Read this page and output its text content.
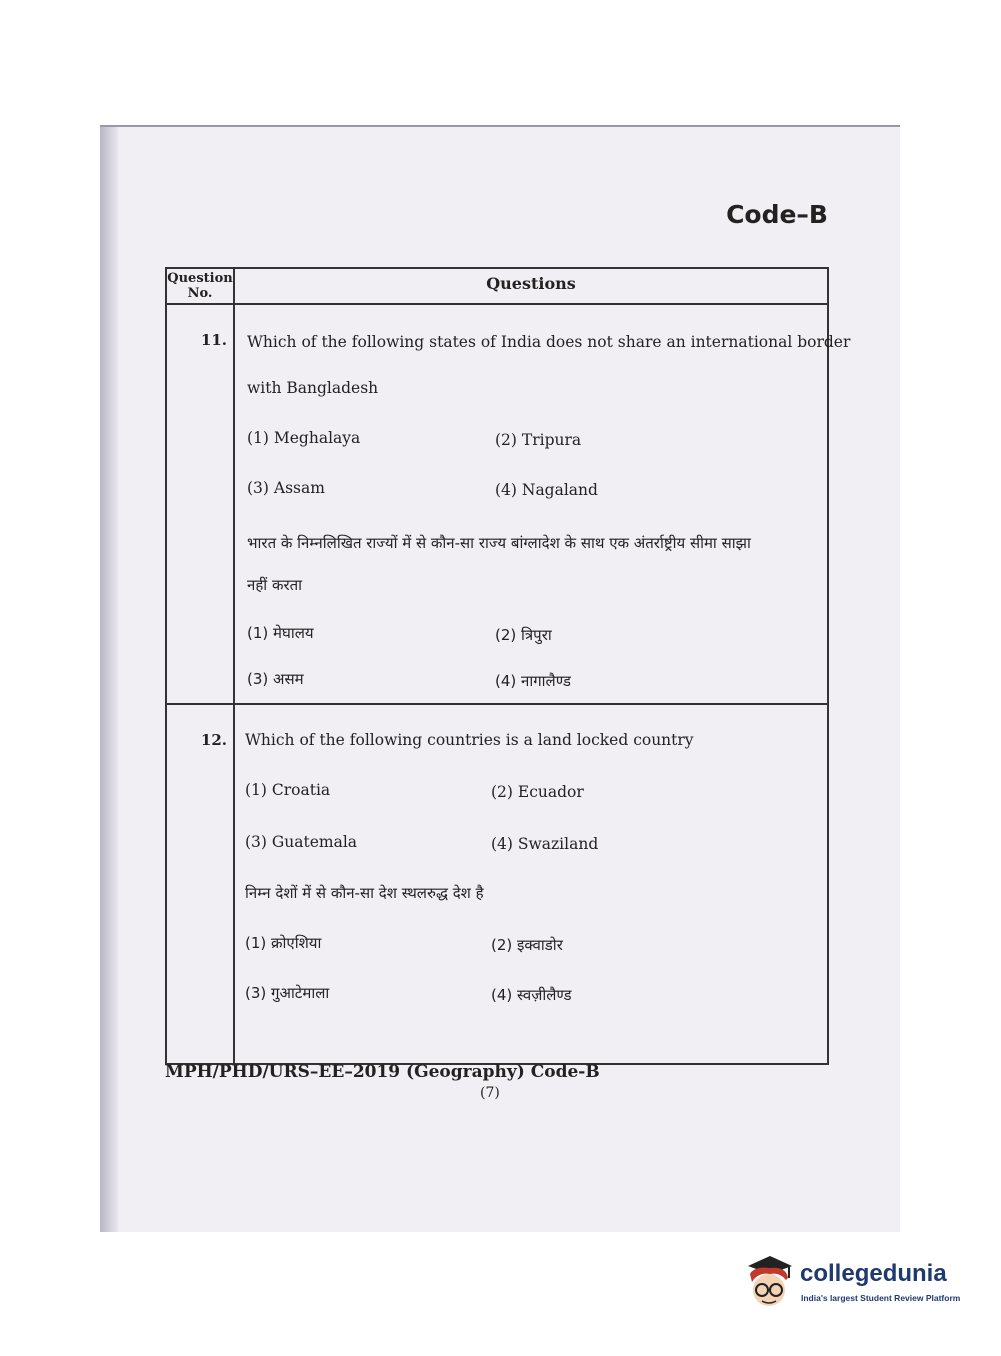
Code–B
Question No.
Questions
11. Which of the following states of India does not share an international border
with Bangladesh
(1) Meghalaya	(2) Tripura
(3) Assam	(4) Nagaland
भारत के निम्नलिखित राज्यों में से कौन-सा राज्य बांग्लादेश के साथ एक अंतर्राष्ट्रीय सीमा साझा
नहीं करता
(1) मेघालय	(2) त्रिपुरा
(3) असम	(4) नागालैण्ड
12. Which of the following countries is a land locked country
(1) Croatia	(2) Ecuador
(3) Guatemala	(4) Swaziland
निम्न देशों में से कौन-सा देश स्थलरुद्ध देश है
(1) क्रोएशिया	(2) इक्वाडोर
(3) गुआटेमाला	(4) स्वज़ीलैण्ड
MPH/PHD/URS–EE–2019 (Geography) Code-B
(7)
collegedunia
India's largest Student Review Platform
